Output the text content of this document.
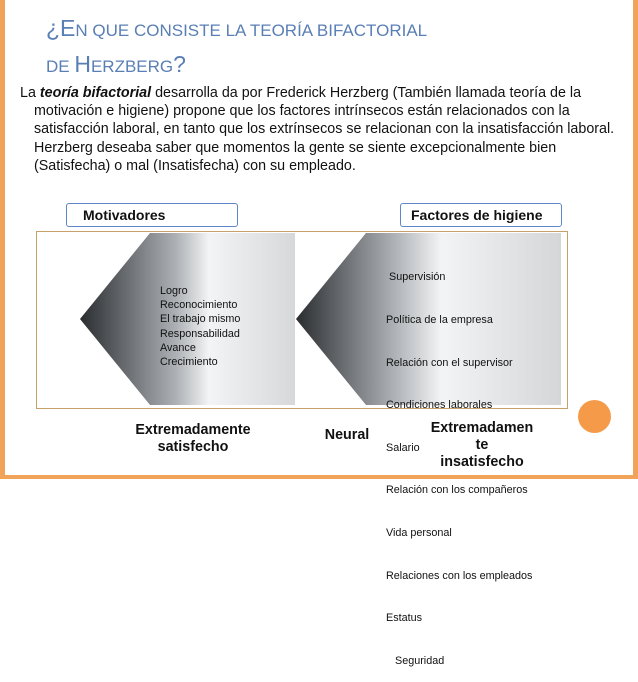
¿EN QUE CONSISTE LA TEORÍA BIFACTORIAL
DE HERZBERG?
La teoría bifactorial desarrolla da por Frederick Herzberg (También llamada teoría de la motivación e higiene) propone que los factores intrínsecos están relacionados con la satisfacción laboral, en tanto que los extrínsecos se relacionan con la insatisfacción laboral. Herzberg deseaba saber que momentos la gente se siente excepcionalmente bien (Satisfecha) o mal (Insatisfecha) con su empleado.
Motivadores	Factores de higiene
Logro
Reconocimiento
El trabajo mismo
Responsabilidad
Avance
Crecimiento

Supervisión

Política de la empresa

Relación con el supervisor

Condiciones laborales

Salario

Relación con los compañeros

Vida personal

Relaciones con los empleados

Estatus

Seguridad

Extremadamente
satisfecho
Neural	Extremadamen
te
insatisfecho
